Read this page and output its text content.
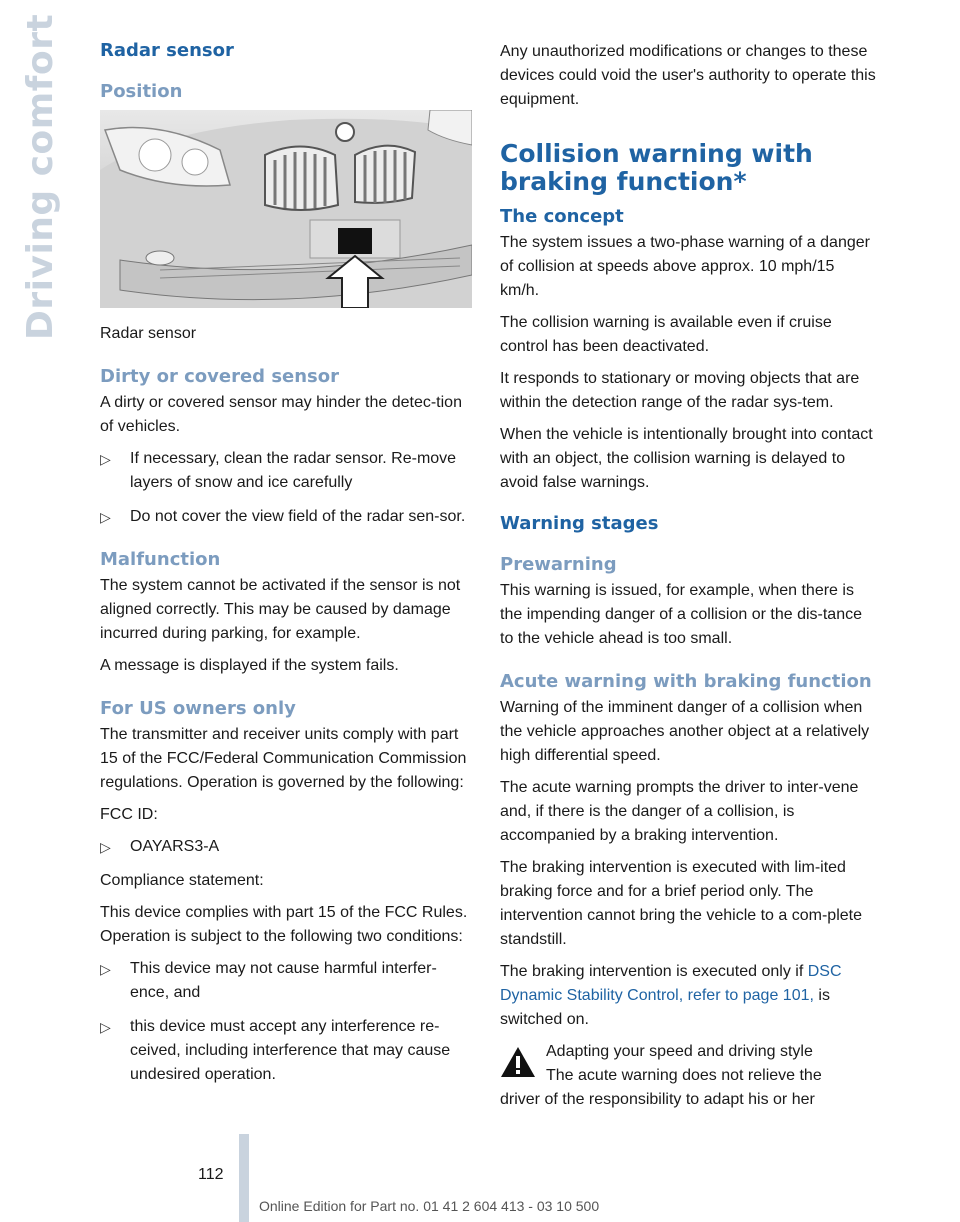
Driving comfort Radar sensor
Position

Radar sensor

Dirty or covered sensor

A dirty or covered sensor may hinder the detec-tion of vehicles.

▷ If necessary, clean the radar sensor. Re-move layers of snow and ice carefully
▷ Do not cover the view field of the radar sen-sor.
Malfunction

The system cannot be activated if the sensor is not aligned correctly. This may be caused by damage incurred during parking, for example.

A message is displayed if the system fails.

For US owners only

The transmitter and receiver units comply with part 15 of the FCC/Federal Communication Commission regulations. Operation is governed by the following:

FCC ID:

▷ OAYARS3-A

Compliance statement:

This device complies with part 15 of the FCC Rules. Operation is subject to the following two conditions:

▷ This device may not cause harmful interfer-ence, and
▷ this device must accept any interference re-ceived, including interference that may cause undesired operation.

Any unauthorized modifications or changes to these devices could void the user's authority to operate this equipment.

Collision warning with braking function*
The concept

The system issues a two-phase warning of a danger of collision at speeds above approx. 10 mph/15 km/h.

The collision warning is available even if cruise control has been deactivated.

It responds to stationary or moving objects that are within the detection range of the radar sys-tem.

When the vehicle is intentionally brought into contact with an object, the collision warning is delayed to avoid false warnings.

Warning stages
Prewarning

This warning is issued, for example, when there is the impending danger of a collision or the dis-tance to the vehicle ahead is too small.

Acute warning with braking function

Warning of the imminent danger of a collision when the vehicle approaches another object at a relatively high differential speed.

The acute warning prompts the driver to inter-vene and, if there is the danger of a collision, is accompanied by a braking intervention.

The braking intervention is executed with lim-ited braking force and for a brief period only. The intervention cannot bring the vehicle to a com-plete standstill.

The braking intervention is executed only if DSC Dynamic Stability Control, refer to page 101, is switched on.

Adapting your speed and driving style
The acute warning does not relieve the

driver of the responsibility to adapt his or her
112
Online Edition for Part no. 01 41 2 604 413 - 03 10 500
